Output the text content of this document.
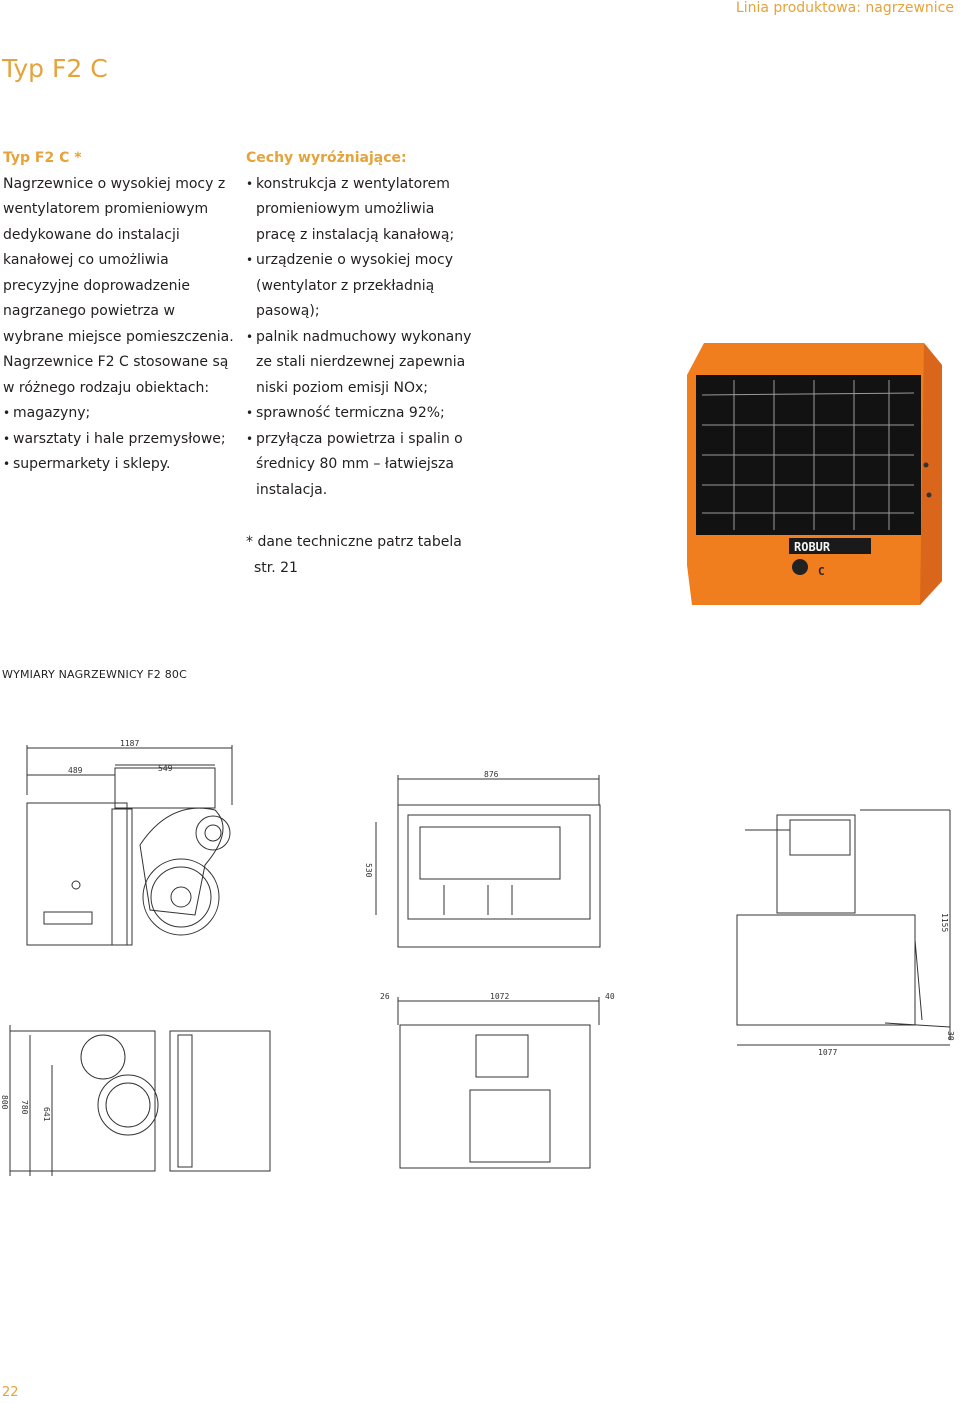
Linia produktowa: nagrzewnice
Typ F2 C
Typ F2 C *

Nagrzewnice o wysokiej mocy z wentylatorem promieniowym dedykowane do instalacji kanałowej co umożliwia precyzyjne doprowadzenie nagrzanego powietrza w wybrane miejsce pomieszczenia.

Nagrzewnice F2 C stosowane są w różnego rodzaju obiektach:

• magazyny;
• warsztaty i hale przemysłowe;
• supermarkety i sklepy.
Cechy wyróżniające:
• konstrukcja z wentylatorem promieniowym umożliwia pracę z instalacją kanałową;
• urządzenie o wysokiej mocy (wentylator z przekładnią pasową);
• palnik nadmuchowy wykonany ze stali nierdzewnej zapewnia niski poziom emisji NOx;
• sprawność termiczna 92%;
• przyłącza powietrza i spalin o średnicy 80 mm – łatwiejsza instalacja.
* dane techniczne patrz tabela
str. 21
ROBUR
C
WYMIARY NAGRZEWNICY F2 80C
1187
489	549
876
530
1155
26	1072	40
1077
30
800 780 641
22
